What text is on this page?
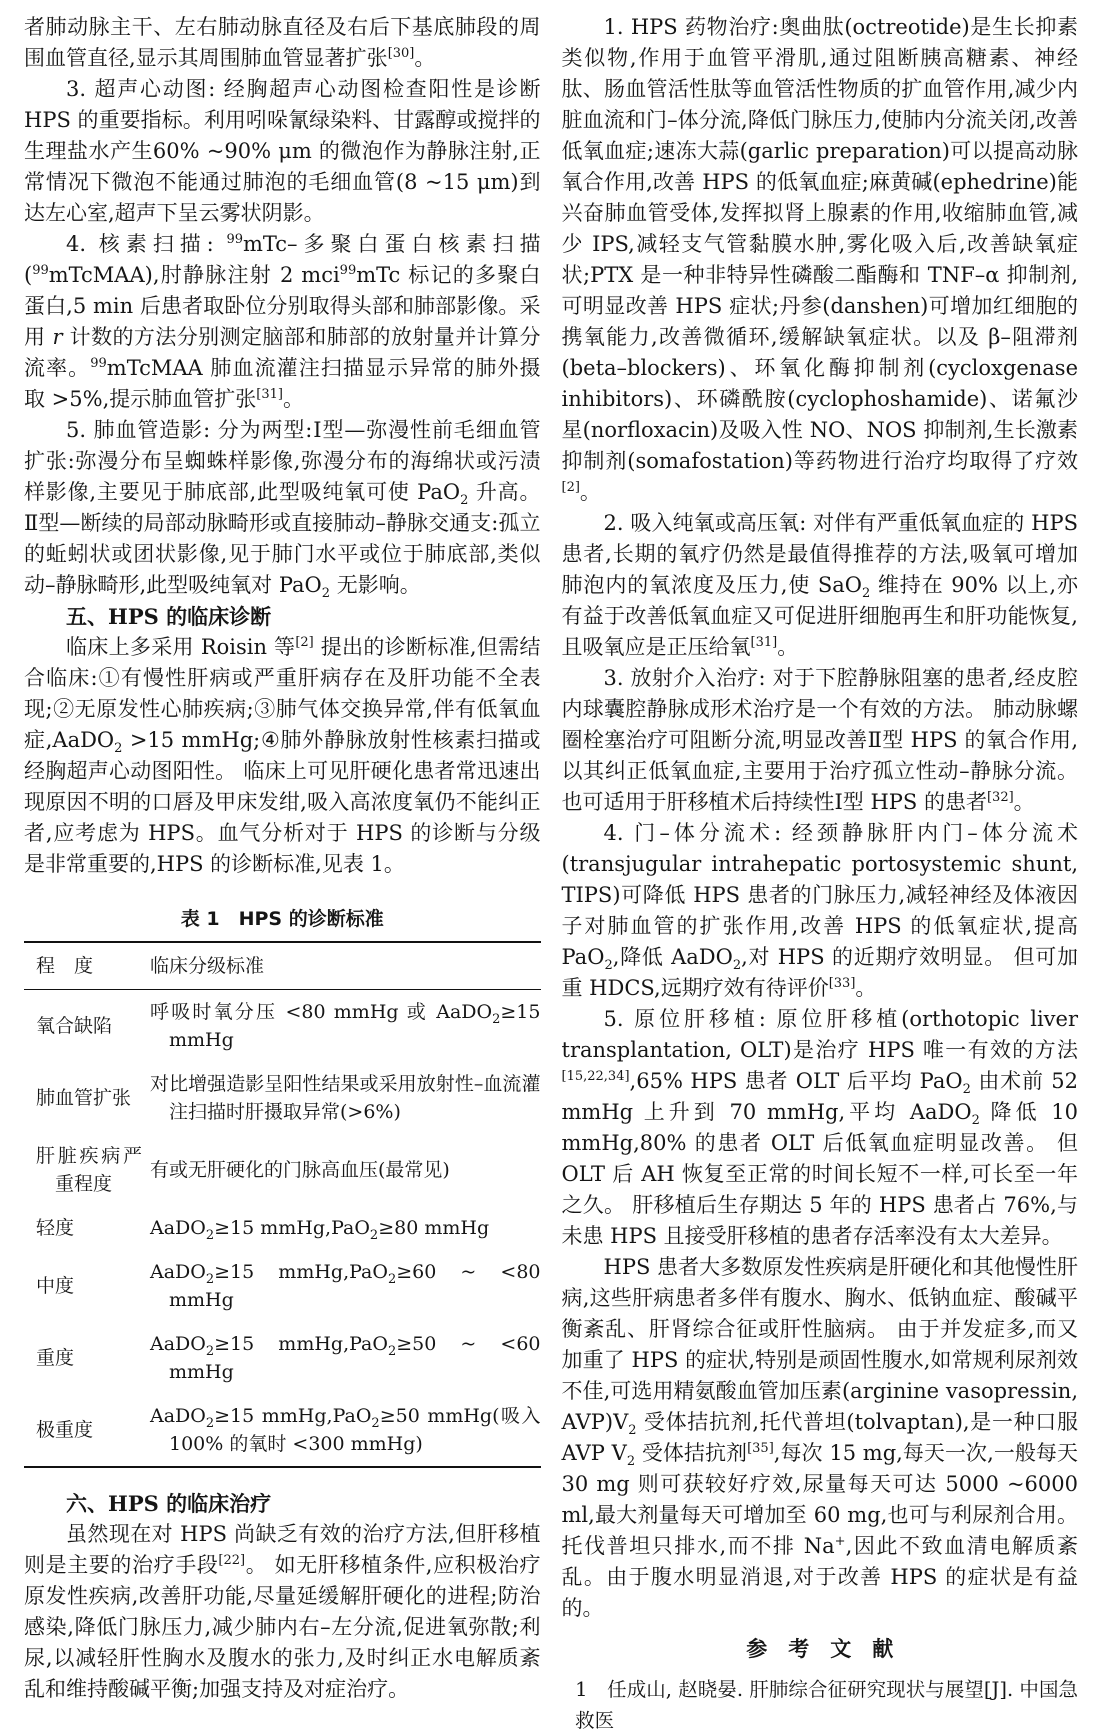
者肺动脉主干、左右肺动脉直径及右后下基底肺段的周围血管直径,显示其周围肺血管显著扩张[30]。

3. 超声心动图: 经胸超声心动图检查阳性是诊断 HPS 的重要指标。利用吲哚氰绿染料、甘露醇或搅拌的生理盐水产生60% ~90% μm 的微泡作为静脉注射,正常情况下微泡不能通过肺泡的毛细血管(8 ~15 μm)到达左心室,超声下呈云雾状阴影。

4. 核素扫描: $^{99}$mTc–多聚白蛋白核素扫描($^{99}$mTcMAA),肘静脉注射 2 mci$^{99}$mTc 标记的多聚白蛋白,5 min 后患者取卧位分别取得头部和肺部影像。采用 r 计数的方法分别测定脑部和肺部的放射量并计算分流率。$^{99}$mTcMAA 肺血流灌注扫描显示异常的肺外摄取 >5%,提示肺血管扩张[31]。

5. 肺血管造影: 分为两型:Ⅰ型—弥漫性前毛细血管扩张:弥漫分布呈蜘蛛样影像,弥漫分布的海绵状或污渍样影像,主要见于肺底部,此型吸纯氧可使 PaO$_2$ 升高。 Ⅱ型—断续的局部动脉畸形或直接肺动–静脉交通支:孤立的蚯蚓状或团状影像,见于肺门水平或位于肺底部,类似动–静脉畸形,此型吸纯氧对 PaO$_2$ 无影响。

五、HPS 的临床诊断

临床上多采用 Roisin 等[2] 提出的诊断标准,但需结合临床:①有慢性肝病或严重肝病存在及肝功能不全表现;②无原发性心肺疾病;③肺气体交换异常,伴有低氧血症,AaDO$_2$ >15 mmHg;④肺外静脉放射性核素扫描或经胸超声心动图阳性。 临床上可见肝硬化患者常迅速出现原因不明的口唇及甲床发绀,吸入高浓度氧仍不能纠正者,应考虑为 HPS。血气分析对于 HPS 的诊断与分级是非常重要的,HPS 的诊断标准,见表 1。

表 1　HPS 的诊断标准
程　度	临床分级标准

氧合缺陷	呼吸时氧分压 <80 mmHg 或 AaDO$_2$≥15 mmHg

肺血管扩张	对比增强造影呈阳性结果或采用放射性–血流灌注扫描时肝摄取异常(>6%)

肝脏疾病严重程度	有或无肝硬化的门脉高血压(最常见)

轻度	AaDO$_2$≥15 mmHg,PaO$_2$≥80 mmHg

中度	AaDO$_2$≥15 mmHg,PaO$_2$≥60 ~ <80 mmHg

重度	AaDO$_2$≥15 mmHg,PaO$_2$≥50 ~ <60 mmHg

极重度	AaDO$_2$≥15 mmHg,PaO$_2$≥50 mmHg(吸入 100% 的氧时 <300 mmHg)

六、HPS 的临床治疗

虽然现在对 HPS 尚缺乏有效的治疗方法,但肝移植则是主要的治疗手段[22]。 如无肝移植条件,应积极治疗原发性疾病,改善肝功能,尽量延缓解肝硬化的进程;防治感染,降低门脉压力,减少肺内右–左分流,促进氧弥散;利尿,以减轻肝性胸水及腹水的张力,及时纠正水电解质紊乱和维持酸碱平衡;加强支持及对症治疗。

1. HPS 药物治疗:奥曲肽(octreotide)是生长抑素类似物,作用于血管平滑肌,通过阻断胰高糖素、神经肽、肠血管活性肽等血管活性物质的扩血管作用,减少内脏血流和门–体分流,降低门脉压力,使肺内分流关闭,改善低氧血症;速冻大蒜(garlic preparation)可以提高动脉氧合作用,改善 HPS 的低氧血症;麻黄碱(ephedrine)能兴奋肺血管受体,发挥拟肾上腺素的作用,收缩肺血管,减少 IPS,减轻支气管黏膜水肿,雾化吸入后,改善缺氧症状;PTX 是一种非特异性磷酸二酯酶和 TNF–α 抑制剂,可明显改善 HPS 症状;丹参(danshen)可增加红细胞的携氧能力,改善微循环,缓解缺氧症状。以及 β–阻滞剂(beta–blockers)、环氧化酶抑制剂(cycloxgenase inhibitors)、环磷酰胺(cyclophoshamide)、诺氟沙星(norfloxacin)及吸入性 NO、NOS 抑制剂,生长激素抑制剂(somafostation)等药物进行治疗均取得了疗效[2]。

2. 吸入纯氧或高压氧: 对伴有严重低氧血症的 HPS 患者,长期的氧疗仍然是最值得推荐的方法,吸氧可增加肺泡内的氧浓度及压力,使 SaO$_2$ 维持在 90% 以上,亦有益于改善低氧血症又可促进肝细胞再生和肝功能恢复,且吸氧应是正压给氧[31]。

3. 放射介入治疗: 对于下腔静脉阻塞的患者,经皮腔内球囊腔静脉成形术治疗是一个有效的方法。 肺动脉螺圈栓塞治疗可阻断分流,明显改善Ⅱ型 HPS 的氧合作用,以其纠正低氧血症,主要用于治疗孤立性动–静脉分流。 也可适用于肝移植术后持续性Ⅰ型 HPS 的患者[32]。

4. 门–体分流术: 经颈静脉肝内门–体分流术(transjugular intrahepatic portosystemic shunt, TIPS)可降低 HPS 患者的门脉压力,减轻神经及体液因子对肺血管的扩张作用,改善 HPS 的低氧症状,提高 PaO$_2$,降低 AaDO$_2$,对 HPS 的近期疗效明显。 但可加重 HDCS,远期疗效有待评价[33]。

5. 原位肝移植: 原位肝移植(orthotopic liver transplantation, OLT)是治疗 HPS 唯一有效的方法[15,22,34],65% HPS 患者 OLT 后平均 PaO$_2$ 由术前 52 mmHg 上升到 70 mmHg,平均 AaDO$_2$ 降低 10 mmHg,80% 的患者 OLT 后低氧血症明显改善。 但 OLT 后 AH 恢复至正常的时间长短不一样,可长至一年之久。 肝移植后生存期达 5 年的 HPS 患者占 76%,与未患 HPS 且接受肝移植的患者存活率没有太大差异。

HPS 患者大多数原发性疾病是肝硬化和其他慢性肝病,这些肝病患者多伴有腹水、胸水、低钠血症、酸碱平衡紊乱、肝肾综合征或肝性脑病。 由于并发症多,而又加重了 HPS 的症状,特别是顽固性腹水,如常规利尿剂效不佳,可选用精氨酸血管加压素(arginine vasopressin, $AVP)V_2$ 受体拮抗剂,托代普坦(tolvaptan),是一种口服 AVP $V_2$ 受体拮抗剂[35],每次 15 mg,每天一次,一般每天 30 mg 则可获较好疗效,尿量每天可达 5000 ~6000 ml,最大剂量每天可增加至 60 mg,也可与利尿剂合用。 托伐普坦只排水,而不排 Na+,因此不致血清电解质紊乱。由于腹水明显消退,对于改善 HPS 的症状是有益的。

参　考　文　献
1　任成山, 赵晓晏. 肝肺综合征研究现状与展望[J]. 中国急救医
